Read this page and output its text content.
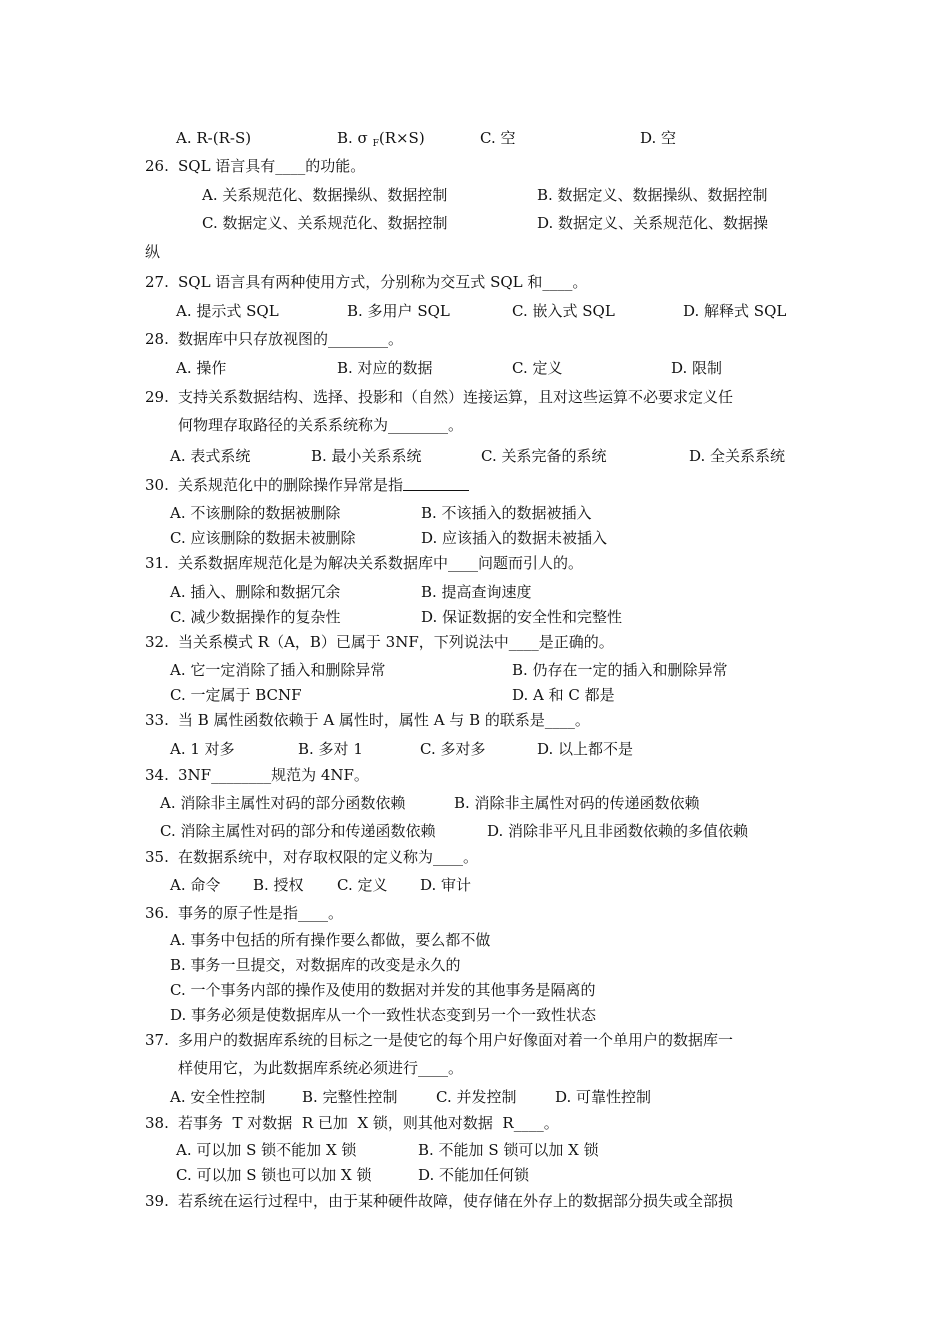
A. R-(R-S)	B. σ $_F$(R×S)	C. 空	D. 空
26. SQL 语言具有____的功能。
A. 关系规范化、数据操纵、数据控制	B. 数据定义、数据操纵、数据控制
C. 数据定义、关系规范化、数据控制	D. 数据定义、关系规范化、数据操
纵
27. SQL 语言具有两种使用方式，分别称为交互式 SQL 和____。
A. 提示式 SQL	B. 多用户 SQL	C. 嵌入式 SQL	D. 解释式 SQL
28. 数据库中只存放视图的________。
A. 操作	B. 对应的数据	C. 定义	D. 限制
29. 支持关系数据结构、选择、投影和（自然）连接运算，且对这些运算不必要求定义任
何物理存取路径的关系系统称为________。
A. 表式系统	B. 最小关系系统	C. 关系完备的系统	D. 全关系系统
30. 关系规范化中的删除操作异常是指
A. 不该删除的数据被删除	B. 不该插入的数据被插入
C. 应该删除的数据未被删除	D. 应该插入的数据未被插入
31. 关系数据库规范化是为解决关系数据库中____问题而引人的。
A. 插入、删除和数据冗余	B. 提高查询速度
C. 减少数据操作的复杂性	D. 保证数据的安全性和完整性
32. 当关系模式 R（A，B）已属于 3NF，下列说法中____是正确的。
A. 它一定消除了插入和删除异常	B. 仍存在一定的插入和删除异常
C. 一定属于 BCNF	D. A 和 C 都是
33. 当 B 属性函数依赖于 A 属性时，属性 A 与 B 的联系是____。
A. 1 对多	B. 多对 1	C. 多对多	D. 以上都不是
34. 3NF________规范为 4NF。
A. 消除非主属性对码的部分函数依赖	B. 消除非主属性对码的传递函数依赖
C. 消除主属性对码的部分和传递函数依赖	D. 消除非平凡且非函数依赖的多值依赖
35. 在数据系统中，对存取权限的定义称为____。
A. 命令 B. 授权 C. 定义 D. 审计
36. 事务的原子性是指____。
A. 事务中包括的所有操作要么都做，要么都不做
B. 事务一旦提交，对数据库的改变是永久的
C. 一个事务内部的操作及使用的数据对并发的其他事务是隔离的
D. 事务必须是使数据库从一个一致性状态变到另一个一致性状态
37. 多用户的数据库系统的目标之一是使它的每个用户好像面对着一个单用户的数据库一
样使用它，为此数据库系统必须进行____。
A. 安全性控制 B. 完整性控制	C. 并发控制	D. 可靠性控制
38. 若事务  T 对数据  R 已加  X 锁，则其他对数据  R____。
A. 可以加 S 锁不能加 X 锁	B. 不能加 S 锁可以加 X 锁
C. 可以加 S 锁也可以加 X 锁	D. 不能加任何锁
39. 若系统在运行过程中，由于某种硬件故障，使存储在外存上的数据部分损失或全部损
